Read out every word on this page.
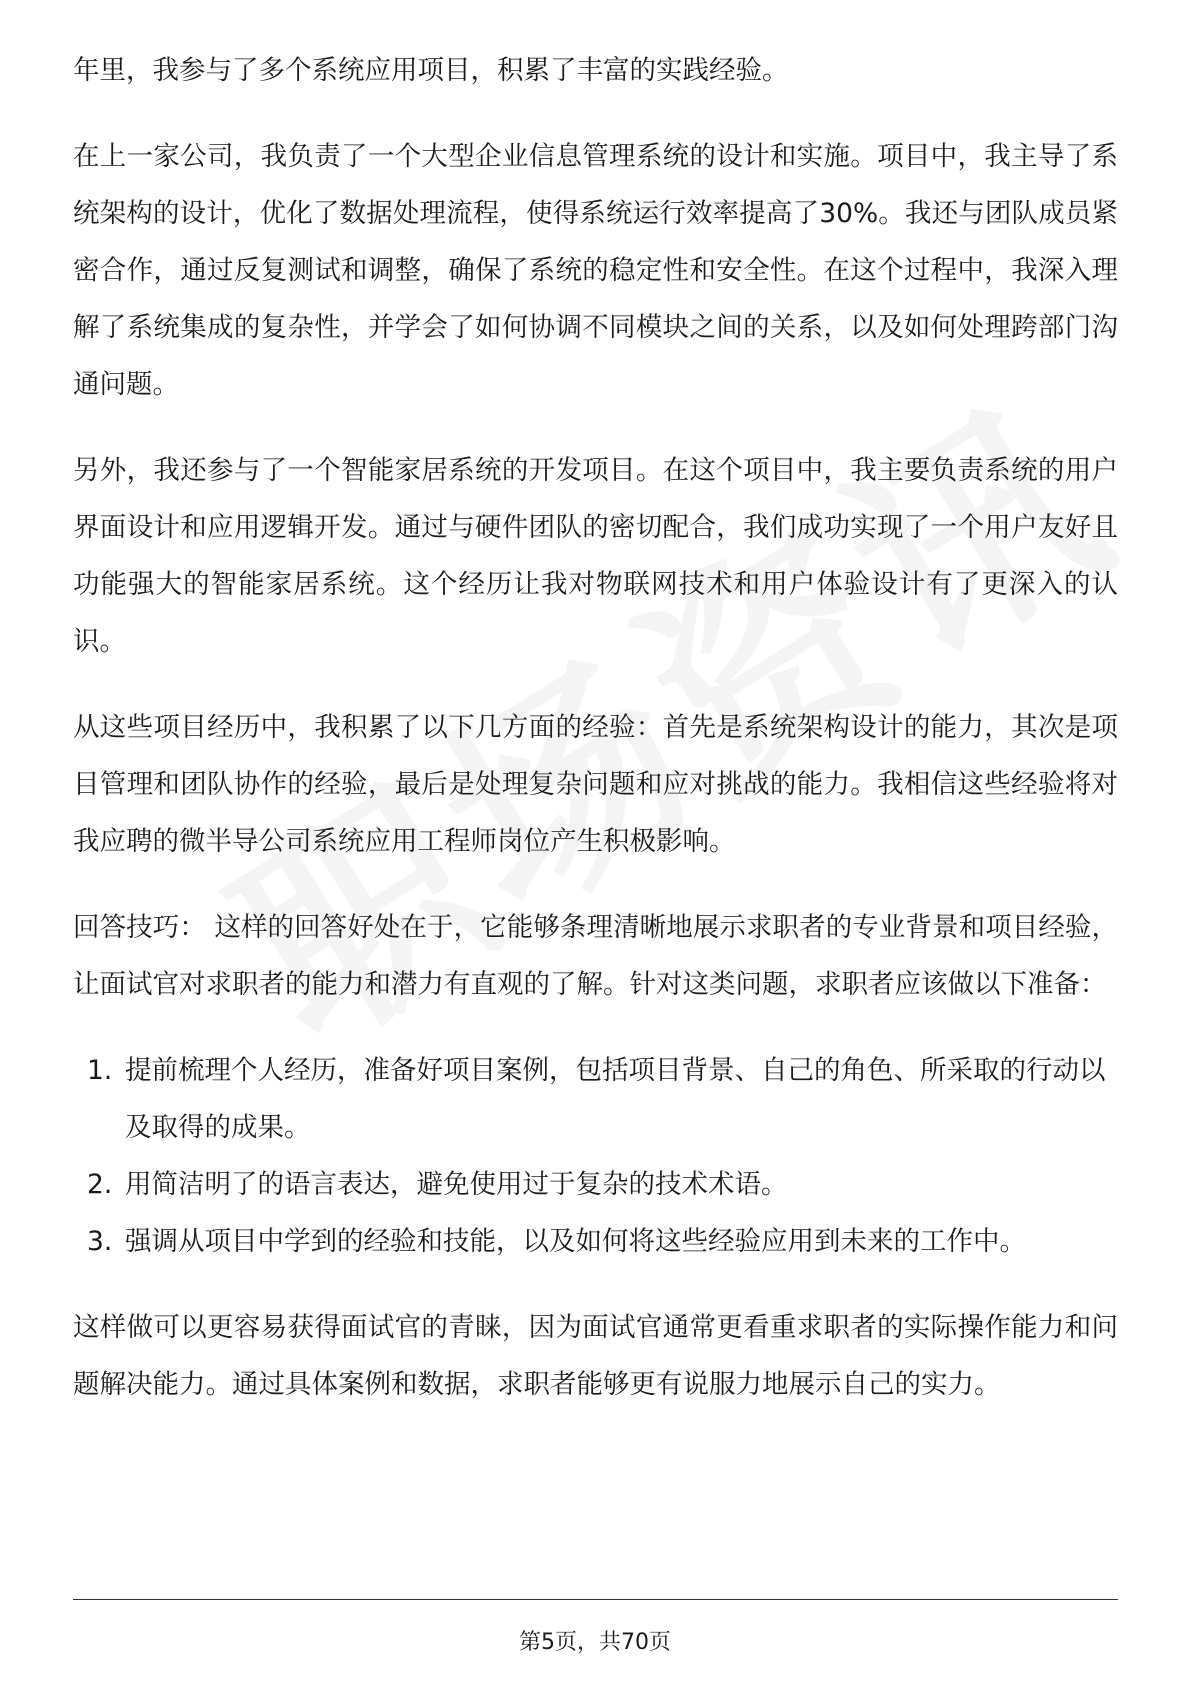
年里，我参与了多个系统应用项目，积累了丰富的实践经验。

在上一家公司，我负责了一个大型企业信息管理系统的设计和实施。项目中，我主导了系统架构的设计，优化了数据处理流程，使得系统运行效率提高了30%。我还与团队成员紧密合作，通过反复测试和调整，确保了系统的稳定性和安全性。在这个过程中，我深入理解了系统集成的复杂性，并学会了如何协调不同模块之间的关系，以及如何处理跨部门沟通问题。

另外，我还参与了一个智能家居系统的开发项目。在这个项目中，我主要负责系统的用户界面设计和应用逻辑开发。通过与硬件团队的密切配合，我们成功实现了一个用户友好且功能强大的智能家居系统。这个经历让我对物联网技术和用户体验设计有了更深入的认识。

从这些项目经历中，我积累了以下几方面的经验：首先是系统架构设计的能力，其次是项目管理和团队协作的经验，最后是处理复杂问题和应对挑战的能力。我相信这些经验将对我应聘的微半导公司系统应用工程师岗位产生积极影响。

回答技巧： 这样的回答好处在于，它能够条理清晰地展示求职者的专业背景和项目经验，让面试官对求职者的能力和潜力有直观的了解。针对这类问题，求职者应该做以下准备：

1. 提前梳理个人经历，准备好项目案例，包括项目背景、自己的角色、所采取的行动以及取得的成果。
2. 用简洁明了的语言表达，避免使用过于复杂的技术术语。
3. 强调从项目中学到的经验和技能，以及如何将这些经验应用到未来的工作中。

这样做可以更容易获得面试官的青睐，因为面试官通常更看重求职者的实际操作能力和问题解决能力。通过具体案例和数据，求职者能够更有说服力地展示自己的实力。

第5页，共70页
